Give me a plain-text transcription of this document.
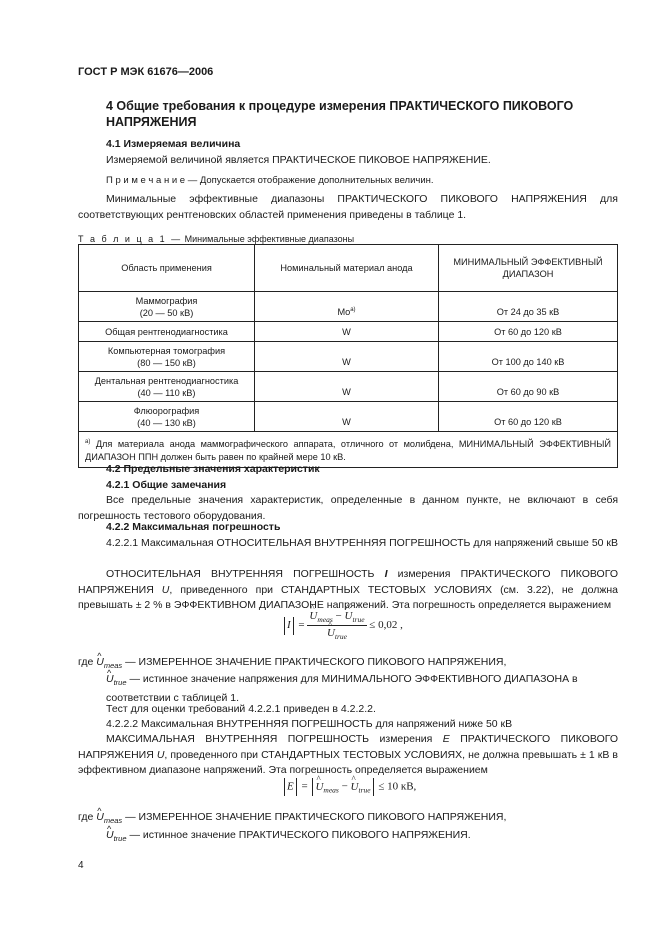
ГОСТ Р МЭК 61676—2006
4 Общие требования к процедуре измерения ПРАКТИЧЕСКОГО ПИКОВОГО НАПРЯЖЕНИЯ
4.1 Измеряемая величина
Измеряемой величиной является ПРАКТИЧЕСКОЕ ПИКОВОЕ НАПРЯЖЕНИЕ.
П р и м е ч а н и е — Допускается отображение дополнительных величин.
Минимальные эффективные диапазоны ПРАКТИЧЕСКОГО ПИКОВОГО НАПРЯЖЕНИЯ для соответствующих рентгеновских областей применения приведены в таблице 1.
Т а б л и ц а 1 — Минимальные эффективные диапазоны
Область применения	Номинальный материал анода	МИНИМАЛЬНЫЙ ЭФФЕКТИВНЫЙ ДИАПАЗОН

Маммография
(20 — 50 кВ)	Mo$^{a)}$	От 24 до 35 кВ

Общая рентгенодиагностика	W	От 60 до 120 кВ

Компьютерная томография
(80 — 150 кВ)	W	От 100 до 140 кВ

Дентальная рентгенодиагностика
(40 — 110 кВ)	W	От 60 до 90 кВ

Флюорография
(40 — 130 кВ)	W	От 60 до 120 кВ
$^{a)}$ Для материала анода маммографического аппарата, отличного от молибдена, МИНИМАЛЬНЫЙ ЭФФЕКТИВНЫЙ ДИАПАЗОН ППН должен быть равен по крайней мере 10 кВ.		
4.2 Предельные значения характеристик
4.2.1 Общие замечания
Все предельные значения характеристик, определенные в данном пункте, не включают в себя погрешность тестового оборудования.
4.2.2 Максимальная погрешность
4.2.2.1 Максимальная ОТНОСИТЕЛЬНАЯ ВНУТРЕННЯЯ ПОГРЕШНОСТЬ для напряжений свыше 50 кВ
ОТНОСИТЕЛЬНАЯ ВНУТРЕННЯЯ ПОГРЕШНОСТЬ I измерения ПРАКТИЧЕСКОГО ПИКОВОГО НАПРЯЖЕНИЯ U, приведенного при СТАНДАРТНЫХ ТЕСТОВЫХ УСЛОВИЯХ (см. 3.22), не должна превышать ± 2 % в ЭФФЕКТИВНОМ ДИАПАЗОНЕ напряжений. Эта погрешность определяется выражением
I = ^ $U_{meas}$ − ^ $U_{true}$
^ $U_{true} \le 0,02$ ,
где ^ $U_{meas}$ — ИЗМЕРЕННОЕ ЗНАЧЕНИЕ ПРАКТИЧЕСКОГО ПИКОВОГО НАПРЯЖЕНИЯ,
^ $U_{true}$ — истинное значение напряжения для МИНИМАЛЬНОГО ЭФФЕКТИВНОГО ДИАПАЗОНА в соответствии с таблицей 1.
Тест для оценки требований 4.2.2.1 приведен в 4.2.2.2.
4.2.2.2 Максимальная ВНУТРЕННЯЯ ПОГРЕШНОСТЬ для напряжений ниже 50 кВ
МАКСИМАЛЬНАЯ ВНУТРЕННЯЯ ПОГРЕШНОСТЬ измерения E ПРАКТИЧЕСКОГО ПИКОВОГО НАПРЯЖЕНИЯ U, проведенного при СТАНДАРТНЫХ ТЕСТОВЫХ УСЛОВИЯХ, не должна превышать ± 1 кВ в эффективном диапазоне напряжений. Эта погрешность определяется выражением
E = ^ $U_{meas}$ − ^ $U_{true} \le 10$ кВ,
где ^ $U_{meas}$ — ИЗМЕРЕННОЕ ЗНАЧЕНИЕ ПРАКТИЧЕСКОГО ПИКОВОГО НАПРЯЖЕНИЯ,
^ $U_{true}$ — истинное значение ПРАКТИЧЕСКОГО ПИКОВОГО НАПРЯЖЕНИЯ.
4
